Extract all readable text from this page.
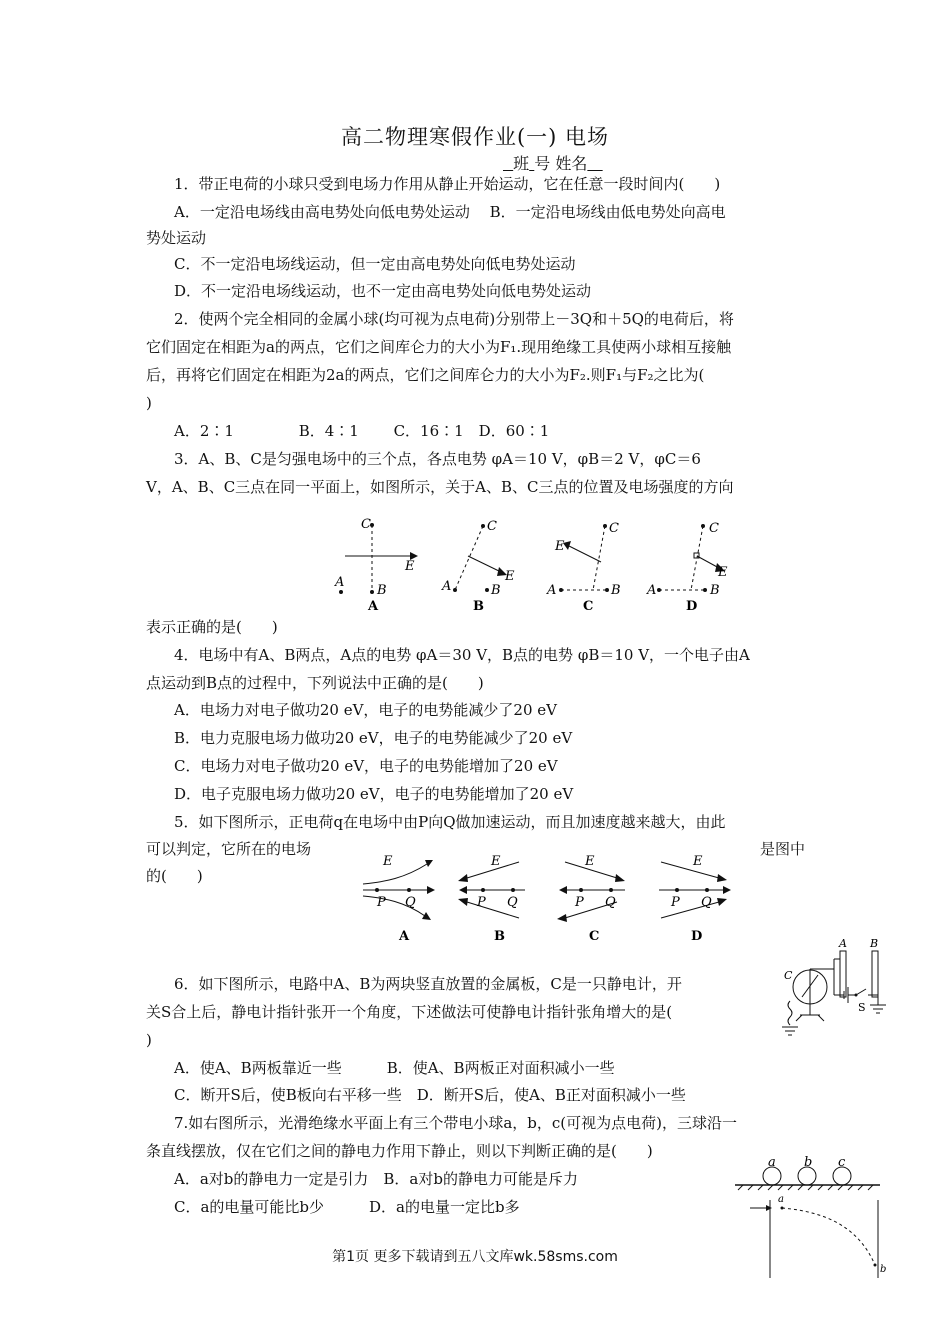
高二物理寒假作业(一) 电场
班 号 姓名
1．带正电荷的小球只受到电场力作用从静止开始运动，它在任意一段时间内(　　)
A．一定沿电场线由高电势处向低电势处运动　 B．一定沿电场线由低电势处向高电
势处运动
C．不一定沿电场线运动，但一定由高电势处向低电势处运动
D．不一定沿电场线运动，也不一定由高电势处向低电势处运动
2．使两个完全相同的金属小球(均可视为点电荷)分别带上－3Q和＋5Q的电荷后，将
它们固定在相距为a的两点，它们之间库仑力的大小为F₁.现用绝缘工具使两小球相互接触
后，再将它们固定在相距为2a的两点，它们之间库仑力的大小为F₂.则F₁与F₂之比为(
)
A．2∶1　　　　 B．4∶1　　 C．16∶1　D．60∶1
3．A、B、C是匀强电场中的三个点，各点电势 φA＝10 V，φB＝2 V，φC＝6
V，A、B、C三点在同一平面上，如图所示，关于A、B、C三点的位置及电场强度的方向
C
E
A
B
A
C
E
A	B
B
C
E
A	B
C
C
E
A	B
D
表示正确的是(　　)
4．电场中有A、B两点，A点的电势 φA＝30 V，B点的电势 φB＝10 V，一个电子由A
点运动到B点的过程中，下列说法中正确的是(　　)
A．电场力对电子做功20 eV，电子的电势能减少了20 eV
B．电力克服电场力做功20 eV，电子的电势能减少了20 eV
C．电场力对电子做功20 eV，电子的电势能增加了20 eV
D．电子克服电场力做功20 eV，电子的电势能增加了20 eV
5．如下图所示，正电荷q在电场中由P向Q做加速运动，而且加速度越来越大，由此
可以判定，它所在的电场	是图中
的(　　)
E
P Q
A
E
P Q
B
E
P Q
C
E
P Q
D
6．如下图所示，电路中A、B为两块竖直放置的金属板，C是一只静电计，开
关S合上后，静电计指针张开一个角度，下述做法可使静电计指针张角增大的是(
)
A．使A、B两板靠近一些　　　B．使A、B两板正对面积减小一些
C．断开S后，使B板向右平移一些　D．断开S后，使A、B正对面积减小一些
A B
C
S
7.如右图所示，光滑绝缘水平面上有三个带电小球a，b，c(可视为点电荷)，三球沿一
条直线摆放，仅在它们之间的静电力作用下静止，则以下判断正确的是(　　)
A．a对b的静电力一定是引力　B．a对b的静电力可能是斥力
C．a的电量可能比b少　　　D．a的电量一定比b多
a b c
a
b
第1页 更多下载请到五八文库wk.58sms.com
